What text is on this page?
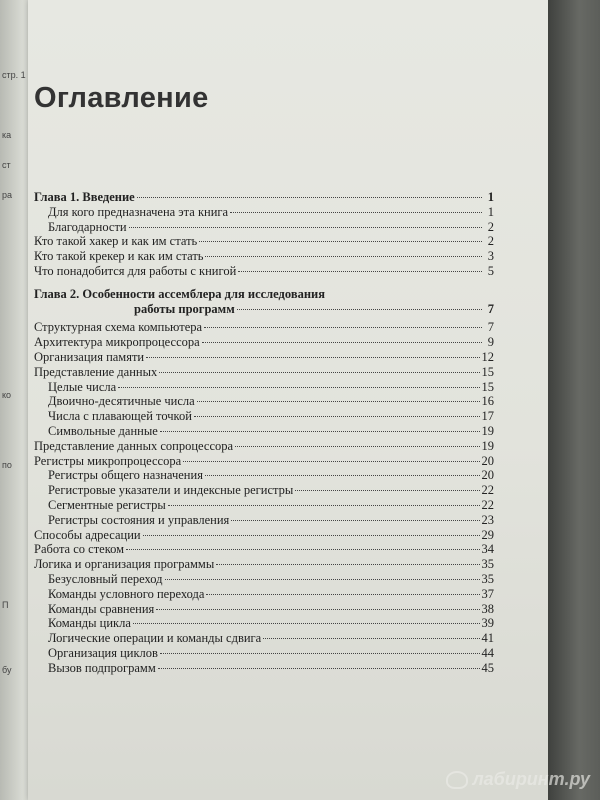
стр. 1
ка
ст
ра
ко
по
П
бу
Оглавление
Глава 1. Введение	1
Для кого предназначена эта книга	1
Благодарности	2
Кто такой хакер и как им стать	2
Кто такой крекер и как им стать	3
Что понадобится для работы с книгой	5
Глава 2. Особенности ассемблера для исследования
работы программ	7
Структурная схема компьютера	7
Архитектура микропроцессора	9
Организация памяти	12
Представление данных	15
Целые числа	15
Двоично-десятичные числа	16
Числа с плавающей точкой	17
Символьные данные	19
Представление данных сопроцессора	19
Регистры микропроцессора	20
Регистры общего назначения	20
Регистровые указатели и индексные регистры	22
Сегментные регистры	22
Регистры состояния и управления	23
Способы адресации	29
Работа со стеком	34
Логика и организация программы	35
Безусловный переход	35
Команды условного перехода	37
Команды сравнения	38
Команды цикла	39
Логические операции и команды сдвига	41
Организация циклов	44
Вызов подпрограмм	45
лабиринт.ру
